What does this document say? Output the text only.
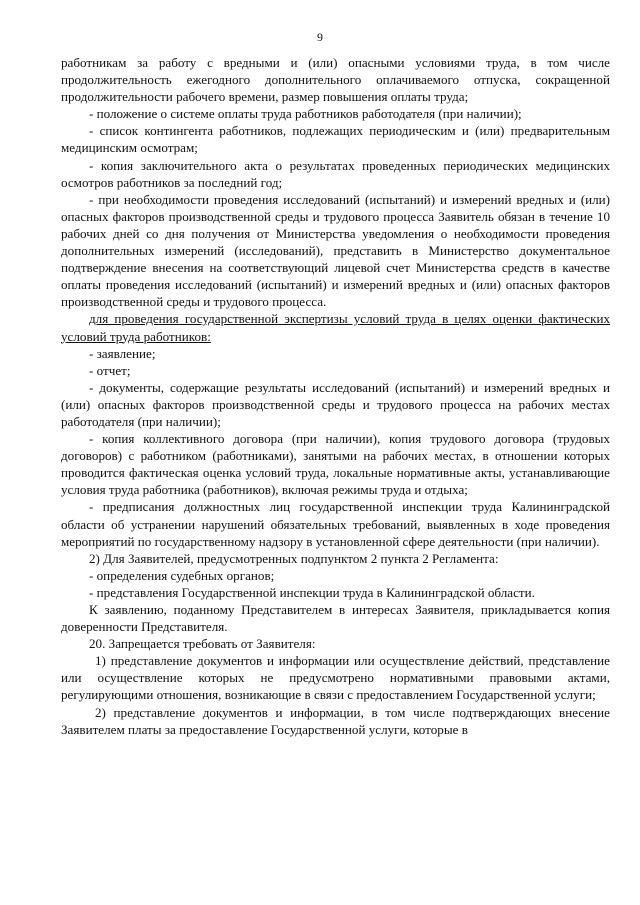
9

работникам за работу с вредными и (или) опасными условиями труда, в том числе продолжительность ежегодного дополнительного оплачиваемого отпуска, сокращенной продолжительности рабочего времени, размер повышения оплаты труда;

- положение о системе оплаты труда работников работодателя (при наличии);

- список контингента работников, подлежащих периодическим и (или) предварительным медицинским осмотрам;

- копия заключительного акта о результатах проведенных периодических медицинских осмотров работников за последний год;

- при необходимости проведения исследований (испытаний) и измерений вредных и (или) опасных факторов производственной среды и трудового процесса Заявитель обязан в течение 10 рабочих дней со дня получения от Министерства уведомления о необходимости проведения дополнительных измерений (исследований), представить в Министерство документальное подтверждение внесения на соответствующий лицевой счет Министерства средств в качестве оплаты проведения исследований (испытаний) и измерений вредных и (или) опасных факторов производственной среды и трудового процесса.

для проведения государственной экспертизы условий труда в целях оценки фактических условий труда работников:

- заявление;

- отчет;

- документы, содержащие результаты исследований (испытаний) и измерений вредных и (или) опасных факторов производственной среды и трудового процесса на рабочих местах работодателя (при наличии);

- копия коллективного договора (при наличии), копия трудового договора (трудовых договоров) с работником (работниками), занятыми на рабочих местах, в отношении которых проводится фактическая оценка условий труда, локальные нормативные акты, устанавливающие условия труда работника (работников), включая режимы труда и отдыха;

- предписания должностных лиц государственной инспекции труда Калининградской области об устранении нарушений обязательных требований, выявленных в ходе проведения мероприятий по государственному надзору в установленной сфере деятельности (при наличии).

2) Для Заявителей, предусмотренных подпунктом 2 пункта 2 Регламента:

- определения судебных органов;

- представления Государственной инспекции труда в Калининградской области.

К заявлению, поданному Представителем в интересах Заявителя, прикладывается копия доверенности Представителя.

20. Запрещается требовать от Заявителя:

1) представление документов и информации или осуществление действий, представление или осуществление которых не предусмотрено нормативными правовыми актами, регулирующими отношения, возникающие в связи с предоставлением Государственной услуги;

2) представление документов и информации, в том числе подтверждающих внесение Заявителем платы за предоставление Государственной услуги, которые в
